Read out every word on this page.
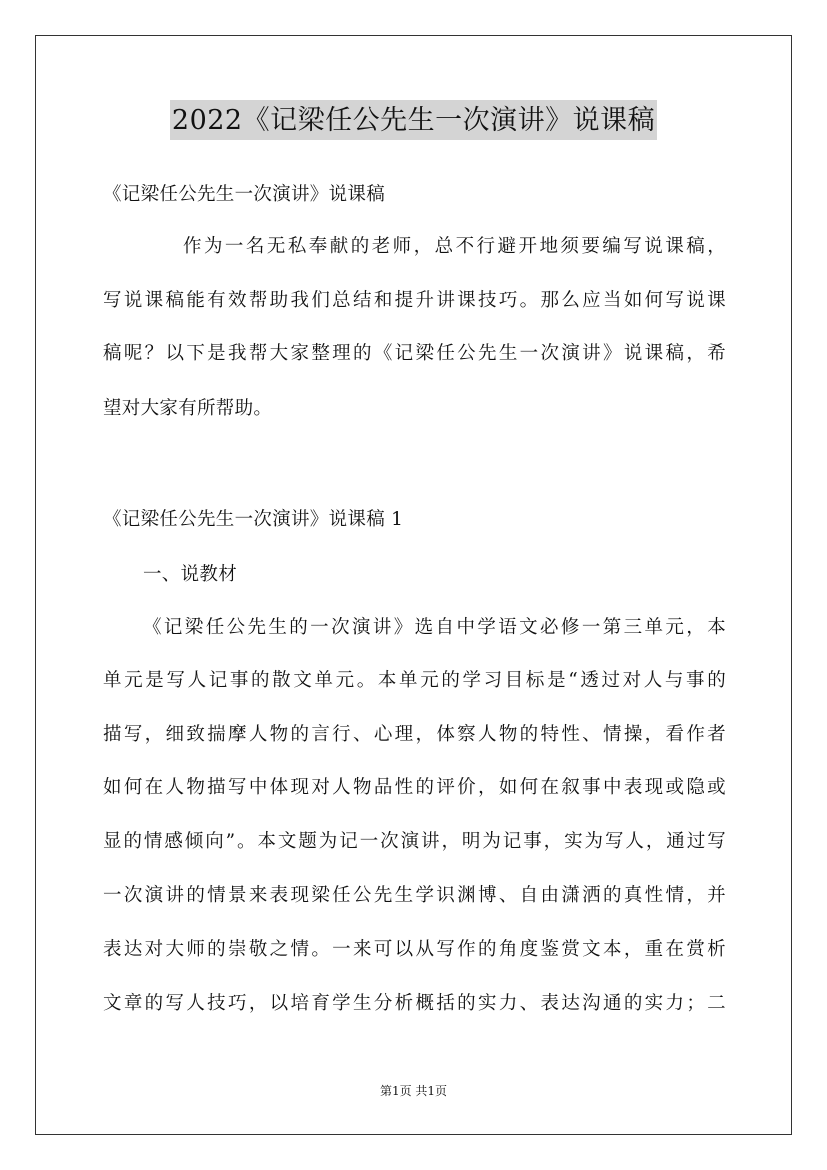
2022《记梁任公先生一次演讲》说课稿
《记梁任公先生一次演讲》说课稿
作为一名无私奉献的老师，总不行避开地须要编写说课稿，
写说课稿能有效帮助我们总结和提升讲课技巧。那么应当如何写说课
稿呢？以下是我帮大家整理的《记梁任公先生一次演讲》说课稿，希
望对大家有所帮助。
《记梁任公先生一次演讲》说课稿 1
一、说教材
《记梁任公先生的一次演讲》选自中学语文必修一第三单元，本
单元是写人记事的散文单元。本单元的学习目标是“透过对人与事的
描写，细致揣摩人物的言行、心理，体察人物的特性、情操，看作者
如何在人物描写中体现对人物品性的评价，如何在叙事中表现或隐或
显的情感倾向”。本文题为记一次演讲，明为记事，实为写人，通过写
一次演讲的情景来表现梁任公先生学识渊博、自由潇洒的真性情，并
表达对大师的崇敬之情。一来可以从写作的角度鉴赏文本，重在赏析
文章的写人技巧，以培育学生分析概括的实力、表达沟通的实力；二
第1页 共1页
